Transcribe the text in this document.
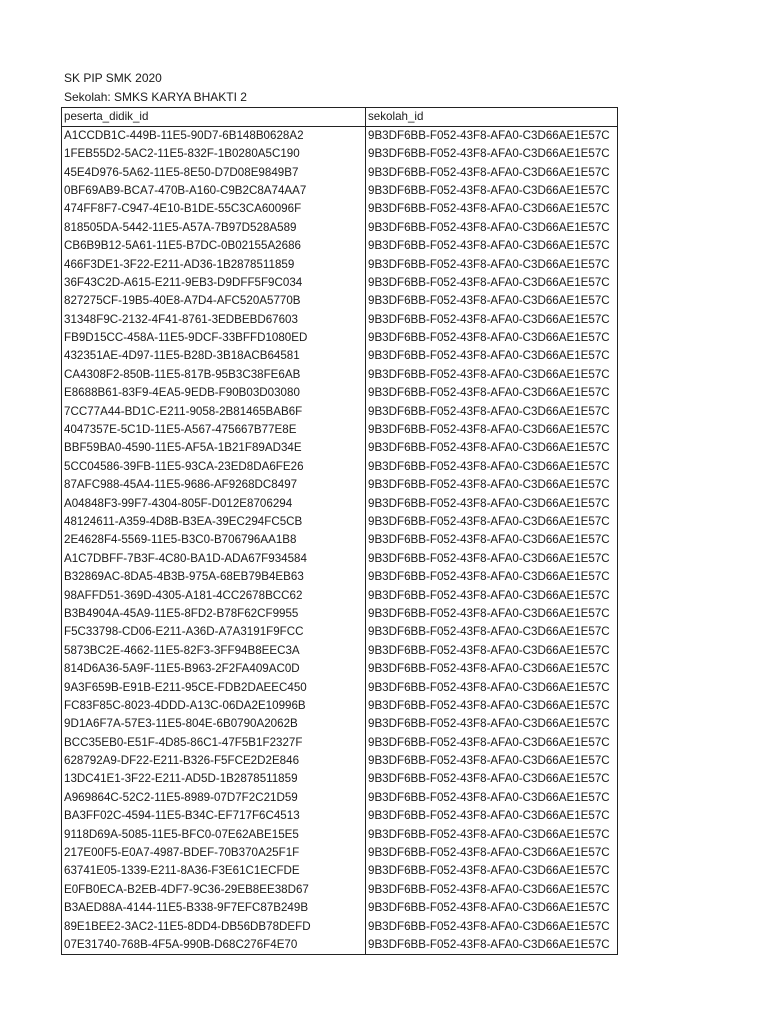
SK PIP SMK 2020
Sekolah: SMKS KARYA BHAKTI 2
peserta_didik_id	sekolah_id
A1CCDB1C-449B-11E5-90D7-6B148B0628A2	9B3DF6BB-F052-43F8-AFA0-C3D66AE1E57C
1FEB55D2-5AC2-11E5-832F-1B0280A5C190	9B3DF6BB-F052-43F8-AFA0-C3D66AE1E57C
45E4D976-5A62-11E5-8E50-D7D08E9849B7	9B3DF6BB-F052-43F8-AFA0-C3D66AE1E57C
0BF69AB9-BCA7-470B-A160-C9B2C8A74AA7	9B3DF6BB-F052-43F8-AFA0-C3D66AE1E57C
474FF8F7-C947-4E10-B1DE-55C3CA60096F	9B3DF6BB-F052-43F8-AFA0-C3D66AE1E57C
818505DA-5442-11E5-A57A-7B97D528A589	9B3DF6BB-F052-43F8-AFA0-C3D66AE1E57C
CB6B9B12-5A61-11E5-B7DC-0B02155A2686	9B3DF6BB-F052-43F8-AFA0-C3D66AE1E57C
466F3DE1-3F22-E211-AD36-1B2878511859	9B3DF6BB-F052-43F8-AFA0-C3D66AE1E57C
36F43C2D-A615-E211-9EB3-D9DFF5F9C034	9B3DF6BB-F052-43F8-AFA0-C3D66AE1E57C
827275CF-19B5-40E8-A7D4-AFC520A5770B	9B3DF6BB-F052-43F8-AFA0-C3D66AE1E57C
31348F9C-2132-4F41-8761-3EDBEBD67603	9B3DF6BB-F052-43F8-AFA0-C3D66AE1E57C
FB9D15CC-458A-11E5-9DCF-33BFFD1080ED	9B3DF6BB-F052-43F8-AFA0-C3D66AE1E57C
432351AE-4D97-11E5-B28D-3B18ACB64581	9B3DF6BB-F052-43F8-AFA0-C3D66AE1E57C
CA4308F2-850B-11E5-817B-95B3C38FE6AB	9B3DF6BB-F052-43F8-AFA0-C3D66AE1E57C
E8688B61-83F9-4EA5-9EDB-F90B03D03080	9B3DF6BB-F052-43F8-AFA0-C3D66AE1E57C
7CC77A44-BD1C-E211-9058-2B81465BAB6F	9B3DF6BB-F052-43F8-AFA0-C3D66AE1E57C
4047357E-5C1D-11E5-A567-475667B77E8E	9B3DF6BB-F052-43F8-AFA0-C3D66AE1E57C
BBF59BA0-4590-11E5-AF5A-1B21F89AD34E	9B3DF6BB-F052-43F8-AFA0-C3D66AE1E57C
5CC04586-39FB-11E5-93CA-23ED8DA6FE26	9B3DF6BB-F052-43F8-AFA0-C3D66AE1E57C
87AFC988-45A4-11E5-9686-AF9268DC8497	9B3DF6BB-F052-43F8-AFA0-C3D66AE1E57C
A04848F3-99F7-4304-805F-D012E8706294	9B3DF6BB-F052-43F8-AFA0-C3D66AE1E57C
48124611-A359-4D8B-B3EA-39EC294FC5CB	9B3DF6BB-F052-43F8-AFA0-C3D66AE1E57C
2E4628F4-5569-11E5-B3C0-B706796AA1B8	9B3DF6BB-F052-43F8-AFA0-C3D66AE1E57C
A1C7DBFF-7B3F-4C80-BA1D-ADA67F934584	9B3DF6BB-F052-43F8-AFA0-C3D66AE1E57C
B32869AC-8DA5-4B3B-975A-68EB79B4EB63	9B3DF6BB-F052-43F8-AFA0-C3D66AE1E57C
98AFFD51-369D-4305-A181-4CC2678BCC62	9B3DF6BB-F052-43F8-AFA0-C3D66AE1E57C
B3B4904A-45A9-11E5-8FD2-B78F62CF9955	9B3DF6BB-F052-43F8-AFA0-C3D66AE1E57C
F5C33798-CD06-E211-A36D-A7A3191F9FCC	9B3DF6BB-F052-43F8-AFA0-C3D66AE1E57C
5873BC2E-4662-11E5-82F3-3FF94B8EEC3A	9B3DF6BB-F052-43F8-AFA0-C3D66AE1E57C
814D6A36-5A9F-11E5-B963-2F2FA409AC0D	9B3DF6BB-F052-43F8-AFA0-C3D66AE1E57C
9A3F659B-E91B-E211-95CE-FDB2DAEEC450	9B3DF6BB-F052-43F8-AFA0-C3D66AE1E57C
FC83F85C-8023-4DDD-A13C-06DA2E10996B	9B3DF6BB-F052-43F8-AFA0-C3D66AE1E57C
9D1A6F7A-57E3-11E5-804E-6B0790A2062B	9B3DF6BB-F052-43F8-AFA0-C3D66AE1E57C
BCC35EB0-E51F-4D85-86C1-47F5B1F2327F	9B3DF6BB-F052-43F8-AFA0-C3D66AE1E57C
628792A9-DF22-E211-B326-F5FCE2D2E846	9B3DF6BB-F052-43F8-AFA0-C3D66AE1E57C
13DC41E1-3F22-E211-AD5D-1B2878511859	9B3DF6BB-F052-43F8-AFA0-C3D66AE1E57C
A969864C-52C2-11E5-8989-07D7F2C21D59	9B3DF6BB-F052-43F8-AFA0-C3D66AE1E57C
BA3FF02C-4594-11E5-B34C-EF717F6C4513	9B3DF6BB-F052-43F8-AFA0-C3D66AE1E57C
9118D69A-5085-11E5-BFC0-07E62ABE15E5	9B3DF6BB-F052-43F8-AFA0-C3D66AE1E57C
217E00F5-E0A7-4987-BDEF-70B370A25F1F	9B3DF6BB-F052-43F8-AFA0-C3D66AE1E57C
63741E05-1339-E211-8A36-F3E61C1ECFDE	9B3DF6BB-F052-43F8-AFA0-C3D66AE1E57C
E0FB0ECA-B2EB-4DF7-9C36-29EB8EE38D67	9B3DF6BB-F052-43F8-AFA0-C3D66AE1E57C
B3AED88A-4144-11E5-B338-9F7EFC87B249B	9B3DF6BB-F052-43F8-AFA0-C3D66AE1E57C
89E1BEE2-3AC2-11E5-8DD4-DB56DB78DEFD	9B3DF6BB-F052-43F8-AFA0-C3D66AE1E57C
07E31740-768B-4F5A-990B-D68C276F4E70	9B3DF6BB-F052-43F8-AFA0-C3D66AE1E57C
